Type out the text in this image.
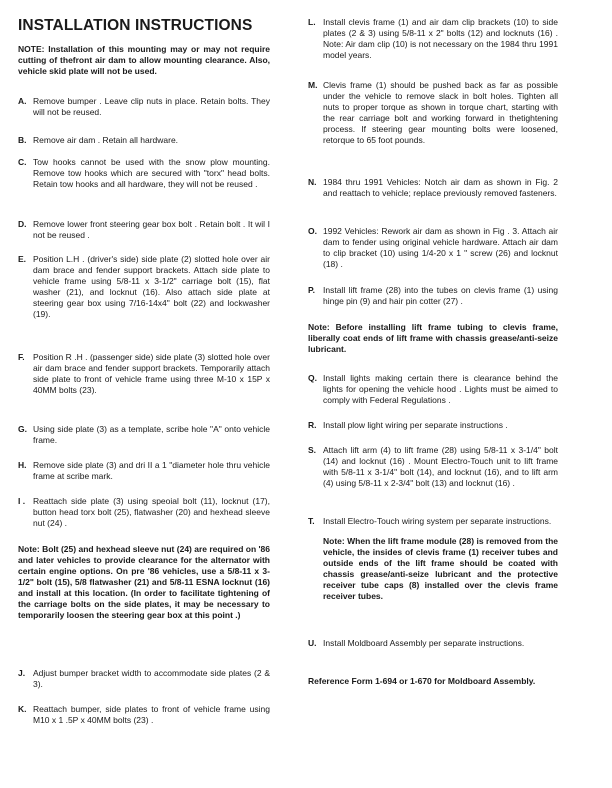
INSTALLATION INSTRUCTIONS
NOTE: Installation of this mounting may or may not require cutting of thefront air dam to allow mounting clearance. Also, vehicle skid plate will not be used.
A. Remove bumper . Leave clip nuts in place. Retain bolts. They will not be reused.
B. Remove air dam . Retain all hardware.
C. Tow hooks cannot be used with the snow plow mounting. Remove tow hooks which are secured with "torx" head bolts. Retain tow hooks and all hardware, they will not be reused .
D. Remove lower front steering gear box bolt . Retain bolt . It wil I not be reused .
E. Position L.H . (driver's side) side plate (2) slotted hole over air dam brace and fender support brackets. Attach side plate to vehicle frame using 5/8-11 x 3-1/2" carriage bolt (15), flat washer (21), and locknut (16). Also attach side plate at steering gear box using 7/16-14x4" bolt (22) and lockwasher (19).
F. Position R .H . (passenger side) side plate (3) slotted hole over air dam brace and fender support brackets. Temporarily attach side plate to front of vehicle frame using three M-10 x 15P x 40MM bolts (23).
G. Using side plate (3) as a template, scribe hole "A" onto vehicle frame.
H. Remove side plate (3) and dri II a 1 "diameter hole thru vehicle frame at scribe mark.
I . Reattach side plate (3) using speoial bolt (11), locknut (17), button head torx bolt (25), flatwasher (20) and hexhead sleeve nut (24) .
Note: Bolt (25) and hexhead sleeve nut (24) are required on '86 and later vehicles to provide clearance for the alternator with certain engine options. On pre '86 vehicles, use a 5/8-11 x 3- 1/2" bolt (15), 5/8 flatwasher (21) and 5/8-11 ESNA locknut (16) and install at this location. (In order to facilitate tightening of the carriage bolts on the side plates, it may be necessary to temporarily loosen the steering gear box at this point .)
J. Adjust bumper bracket width to accommodate side plates (2 & 3).
K. Reattach bumper, side plates to front of vehicle frame using M10 x 1 .5P x 40MM bolts (23) .
L. Install clevis frame (1) and air dam clip brackets (10) to side plates (2 & 3) using 5/8-11 x 2" bolts (12) and locknuts (16) . Note: Air dam clip (10) is not necessary on the 1984 thru 1991 model years.
M. Clevis frame (1) should be pushed back as far as possible under the vehicle to remove slack in bolt holes. Tighten all nuts to proper torque as shown in torque chart, starting with the rear carriage bolt and working forward in thetightening process. If steering gear mounting bolts were loosened, retorque to 65 foot pounds.
N. 1984 thru 1991 Vehicles: Notch air dam as shown in Fig. 2 and reattach to vehicle; replace previously removed fasteners.
O. 1992 Vehicles: Rework air dam as shown in Fig . 3. Attach air dam to fender using original vehicle hardware. Attach air dam to clip bracket (10) using 1/4-20 x 1 " screw (26) and locknut (18) .
P. Install lift frame (28) into the tubes on clevis frame (1) using hinge pin (9) and hair pin cotter (27) .
Note: Before installing lift frame tubing to clevis frame, liberally coat ends of lift frame with chassis grease/anti-seize lubricant.
Q. Install lights making certain there is clearance behind the lights for opening the vehicle hood . Lights must be aimed to comply with Federal Regulations .
R. Install plow light wiring per separate instructions .
S. Attach lift arm (4) to lift frame (28) using 5/8-11 x 3-1/4" bolt (14) and locknut (16) . Mount Electro-Touch unit to lift frame with 5/8-11 x 3-1/4" bolt (14), and locknut (16), and to lift arm (4) using 5/8-11 x 2-3/4" bolt (13) and locknut (16) .
T. Install Electro-Touch wiring system per separate instructions.
Note: When the lift frame module (28) is removed from the vehicle, the insides of clevis frame (1) receiver tubes and outside ends of the lift frame should be coated with chassis grease/anti-seize lubricant and the protective receiver tube caps (8) installed over the clevis frame receiver tubes.
U. Install Moldboard Assembly per separate instructions.
Reference Form 1-694 or 1-670 for Moldboard Assembly.
